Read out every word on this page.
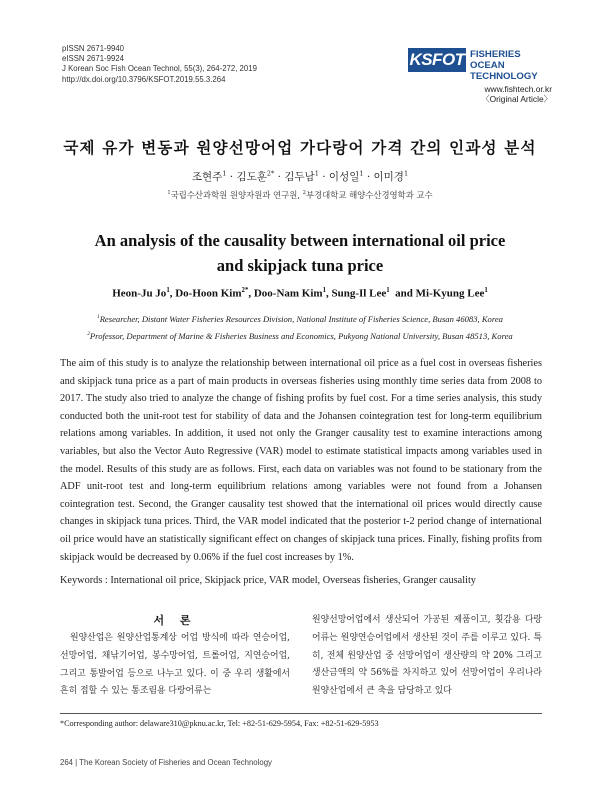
pISSN 2671-9940
eISSN 2671-9924
J Korean Soc Fish Ocean Technol, 55(3), 264-272, 2019
http://dx.doi.org/10.3796/KSFOT.2019.55.3.264
KSFOT FISHERIES OCEAN
TECHNOLOGY
www.fishtech.or.kr
〈Original Article〉
국제 유가 변동과 원양선망어업 가다랑어 가격 간의 인과성 분석
조현주$^1$ · 김도훈$^{2*}$ · 김두남$^1$ · 이성일$^1$ · 이미경$^1$
$^1$국립수산과학원 원양자원과 연구원, $^2$부경대학교 해양수산경영학과 교수
An analysis of the causality between international oil price
and skipjack tuna price
Heon-Ju Jo$^1$, Do-Hoon Kim$^{2*}$, Doo-Nam Kim$^1$, Sung-Il Lee$^1$ and Mi-Kyung Lee$^1$
$^1$Researcher, Distant Water Fisheries Resources Division, National Institute of Fisheries Science, Busan 46083, Korea
$^2$Professor, Department of Marine & Fisheries Business and Economics, Pukyong National University, Busan 48513, Korea
The aim of this study is to analyze the relationship between international oil price as a fuel cost in overseas fisheries and skipjack tuna price as a part of main products in overseas fisheries using monthly time series data from 2008 to 2017. The study also tried to analyze the change of fishing profits by fuel cost. For a time series analysis, this study conducted both the unit-root test for stability of data and the Johansen cointegration test for long-term equilibrium relations among variables. In addition, it used not only the Granger causality test to examine interactions among variables, but also the Vector Auto Regressive (VAR) model to estimate statistical impacts among variables used in the model. Results of this study are as follows. First, each data on variables was not found to be stationary from the ADF unit-root test and long-term equilibrium relations among variables were not found from a Johansen cointegration test. Second, the Granger causality test showed that the international oil prices would directly cause changes in skipjack tuna prices. Third, the VAR model indicated that the posterior t-2 period change of international oil price would have an statistically significant effect on changes of skipjack tuna prices. Finally, fishing profits from skipjack would be decreased by 0.06% if the fuel cost increases by 1%.
Keywords : International oil price, Skipjack price, VAR model, Overseas fisheries, Granger causality
서 론
원양산업은 원양산업통계상 어업 방식에 따라 연승어업, 선망어업, 채낚기어업, 봉수망어업, 트롤어업, 지연승어업, 그리고 통발어업 등으로 나누고 있다. 이 중 우리 생활에서 흔히 접할 수 있는 통조림용 다랑어류는
원양선망어업에서 생산되어 가공된 제품이고, 횟감용 다랑어류는 원양연승어업에서 생산된 것이 주를 이루고 있다. 특히, 전체 원양산업 중 선망어업이 생산량의 약 20% 그리고 생산금액의 약 56%를 차지하고 있어 선망어업이 우리나라 원양산업에서 큰 축을 담당하고 있다
*Corresponding author: delaware310@pknu.ac.kr, Tel: +82-51-629-5954, Fax: +82-51-629-5953
264 | The Korean Society of Fisheries and Ocean Technology
